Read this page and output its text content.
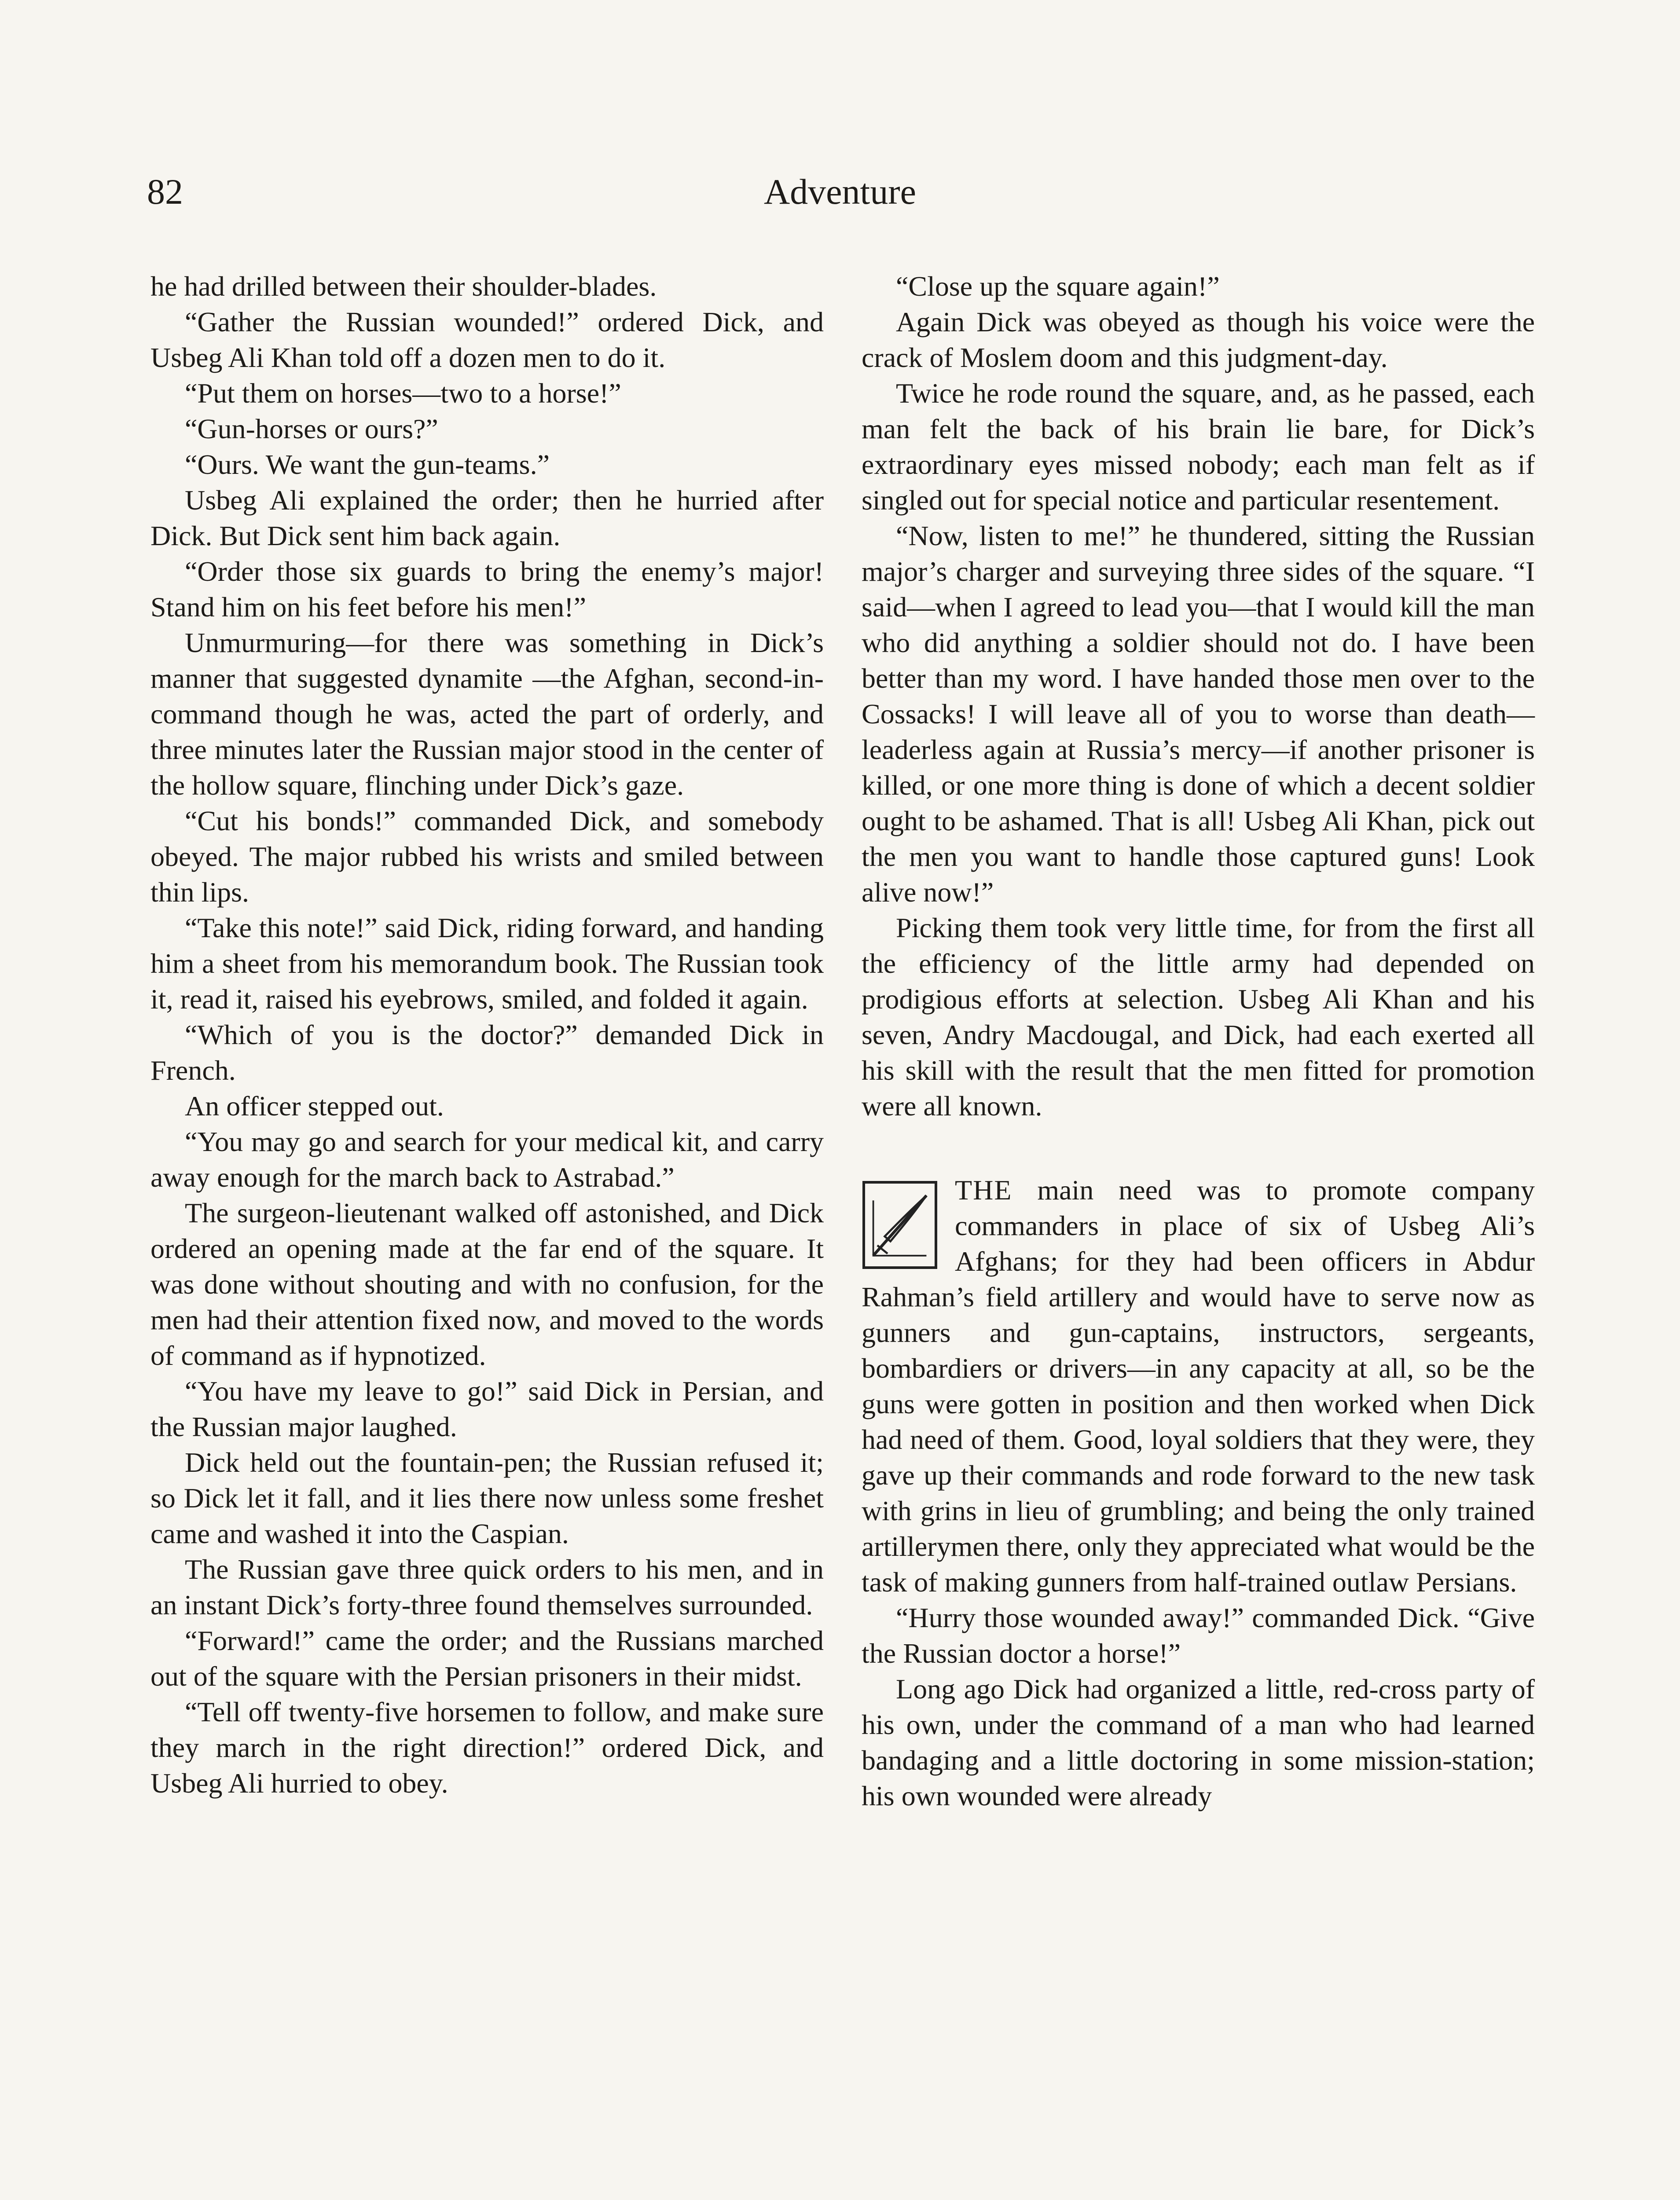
82	Adventure

he had drilled between their shoulder-blades.

“Gather the Russian wounded!” ordered Dick, and Usbeg Ali Khan told off a dozen men to do it.

“Put them on horses—two to a horse!”

“Gun-horses or ours?”

“Ours. We want the gun-teams.”

Usbeg Ali explained the order; then he hurried after Dick. But Dick sent him back again.

“Order those six guards to bring the enemy’s major! Stand him on his feet before his men!”

Unmurmuring—for there was something in Dick’s manner that suggested dynamite —the Afghan, second-in-command though he was, acted the part of orderly, and three minutes later the Russian major stood in the center of the hollow square, flinching under Dick’s gaze.

“Cut his bonds!” commanded Dick, and somebody obeyed. The major rubbed his wrists and smiled between thin lips.

“Take this note!” said Dick, riding forward, and handing him a sheet from his memorandum book. The Russian took it, read it, raised his eyebrows, smiled, and folded it again.

“Which of you is the doctor?” demanded Dick in French.

An officer stepped out.

“You may go and search for your medical kit, and carry away enough for the march back to Astrabad.”

The surgeon-lieutenant walked off astonished, and Dick ordered an opening made at the far end of the square. It was done without shouting and with no confusion, for the men had their attention fixed now, and moved to the words of command as if hypnotized.

“You have my leave to go!” said Dick in Persian, and the Russian major laughed.

Dick held out the fountain-pen; the Russian refused it; so Dick let it fall, and it lies there now unless some freshet came and washed it into the Caspian.

The Russian gave three quick orders to his men, and in an instant Dick’s forty-three found themselves surrounded.

“Forward!” came the order; and the Russians marched out of the square with the Persian prisoners in their midst.

“Tell off twenty-five horsemen to follow, and make sure they march in the right direction!” ordered Dick, and Usbeg Ali hurried to obey.

“Close up the square again!”

Again Dick was obeyed as though his voice were the crack of Moslem doom and this judgment-day.

Twice he rode round the square, and, as he passed, each man felt the back of his brain lie bare, for Dick’s extraordinary eyes missed nobody; each man felt as if singled out for special notice and particular resentement.

“Now, listen to me!” he thundered, sitting the Russian major’s charger and surveying three sides of the square. “I said—when I agreed to lead you—that I would kill the man who did anything a soldier should not do. I have been better than my word. I have handed those men over to the Cossacks! I will leave all of you to worse than death—leaderless again at Russia’s mercy—if another prisoner is killed, or one more thing is done of which a decent soldier ought to be ashamed. That is all! Usbeg Ali Khan, pick out the men you want to handle those captured guns! Look alive now!”

Picking them took very little time, for from the first all the efficiency of the little army had depended on prodigious efforts at selection. Usbeg Ali Khan and his seven, Andry Macdougal, and Dick, had each exerted all his skill with the result that the men fitted for promotion were all known.

THE main need was to promote company commanders in place of six of Usbeg Ali’s Afghans; for they had been officers in Abdur Rahman’s field artillery and would have to serve now as gunners and gun-captains, instructors, sergeants, bombardiers or drivers—in any capacity at all, so be the guns were gotten in position and then worked when Dick had need of them. Good, loyal soldiers that they were, they gave up their commands and rode forward to the new task with grins in lieu of grumbling; and being the only trained artillerymen there, only they appreciated what would be the task of making gunners from half-trained outlaw Persians.

“Hurry those wounded away!” commanded Dick. “Give the Russian doctor a horse!”

Long ago Dick had organized a little, red-cross party of his own, under the command of a man who had learned bandaging and a little doctoring in some mission-station; his own wounded were already
